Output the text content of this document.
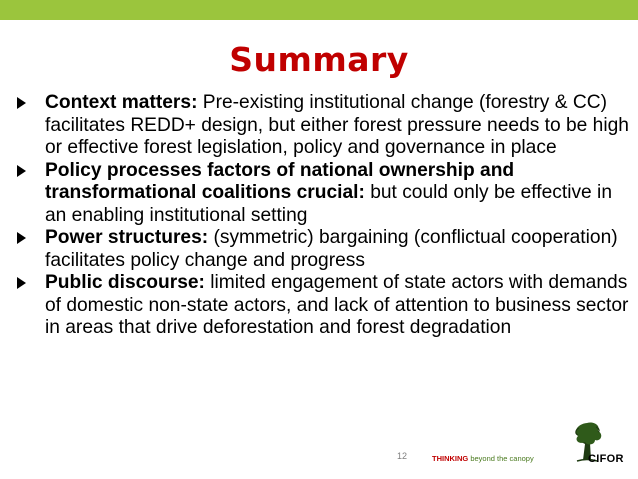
Summary
Context matters: Pre-existing institutional change (forestry & CC) facilitates REDD+ design, but either forest pressure needs to be high or effective forest legislation, policy and governance in place
Policy processes factors of national ownership and transformational coalitions crucial: but could only be effective in an enabling institutional setting
Power structures: (symmetric) bargaining (conflictual cooperation) facilitates policy change and progress
Public discourse: limited engagement of state actors with demands of domestic non-state actors, and lack of attention to business sector in areas that drive deforestation and forest degradation
12	THINKING beyond the canopy	CIFOR
